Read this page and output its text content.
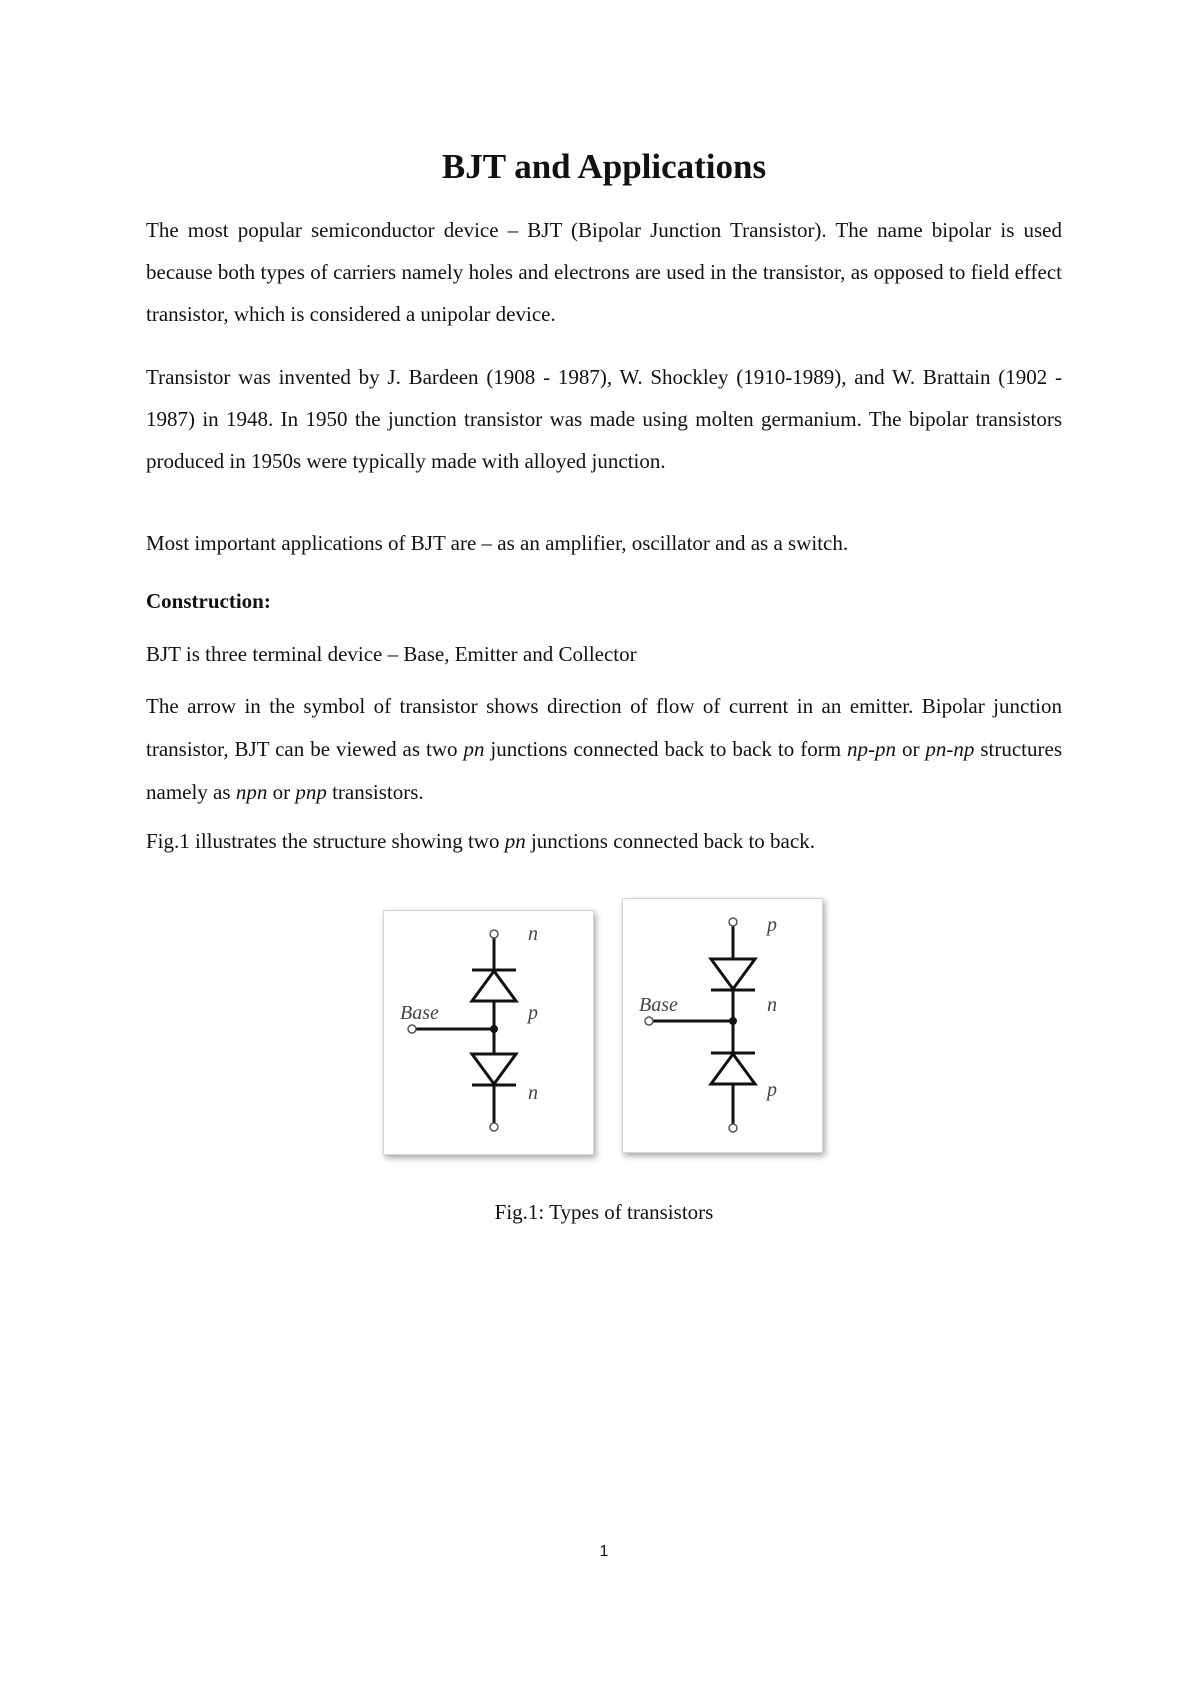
BJT and Applications

The most popular semiconductor device – BJT (Bipolar Junction Transistor). The name bipolar is used because both types of carriers namely holes and electrons are used in the transistor, as opposed to field effect transistor, which is considered a unipolar device.

Transistor was invented by J. Bardeen (1908 - 1987), W. Shockley (1910-1989), and W. Brattain (1902 - 1987) in 1948. In 1950 the junction transistor was made using molten germanium. The bipolar transistors produced in 1950s were typically made with alloyed junction.

Most important applications of BJT are – as an amplifier, oscillator and as a switch.

Construction:

BJT is three terminal device – Base, Emitter and Collector

The arrow in the symbol of transistor shows direction of flow of current in an emitter. Bipolar junction transistor, BJT can be viewed as two pn junctions connected back to back to form np-pn or pn-np structures namely as npn or pnp transistors.

Fig.1 illustrates the structure showing two pn junctions connected back to back.

Base
n
p
n
Base
p
n
p

Fig.1: Types of transistors

1
